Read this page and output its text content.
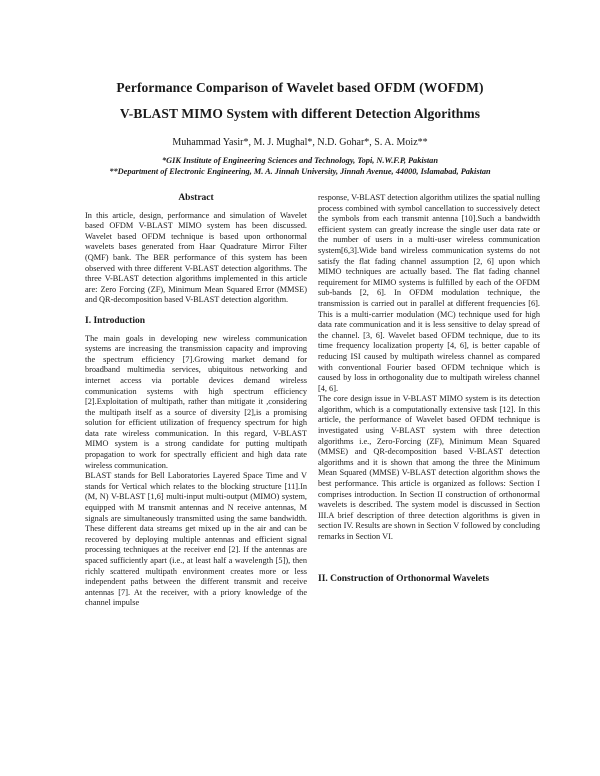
Performance Comparison of Wavelet based OFDM (WOFDM)
V-BLAST MIMO System with different Detection Algorithms
Muhammad Yasir*, M. J. Mughal*, N.D. Gohar*, S. A. Moiz**
*GIK Institute of Engineering Sciences and Technology, Topi, N.W.F.P, Pakistan
**Department of Electronic Engineering, M. A. Jinnah University, Jinnah Avenue, 44000, Islamabad, Pakistan
Abstract

In this article, design, performance and simulation of Wavelet based OFDM V-BLAST MIMO system has been discussed. Wavelet based OFDM technique is based upon orthonormal wavelets bases generated from Haar Quadrature Mirror Filter (QMF) bank. The BER performance of this system has been observed with three different V-BLAST detection algorithms. The three V-BLAST detection algorithms implemented in this article are: Zero Forcing (ZF), Minimum Mean Squared Error (MMSE) and QR-decomposition based V-BLAST detection algorithm.

I. Introduction

The main goals in developing new wireless communication systems are increasing the transmission capacity and improving the spectrum efficiency [7].Growing market demand for broadband multimedia services, ubiquitous networking and internet access via portable devices demand wireless communication systems with high spectrum efficiency [2].Exploitation of multipath, rather than mitigate it ,considering the multipath itself as a source of diversity [2],is a promising solution for efficient utilization of frequency spectrum for high data rate wireless communication. In this regard, V-BLAST MIMO system is a strong candidate for putting multipath propagation to work for spectrally efficient and high data rate wireless communication.

BLAST stands for Bell Laboratories Layered Space Time and V stands for Vertical which relates to the blocking structure [11].In (M, N) V-BLAST [1,6] multi-input multi-output (MIMO) system, equipped with M transmit antennas and N receive antennas, M signals are simultaneously transmitted using the same bandwidth. These different data streams get mixed up in the air and can be recovered by deploying multiple antennas and efficient signal processing techniques at the receiver end [2]. If the antennas are spaced sufficiently apart (i.e., at least half a wavelength [5]), then richly scattered multipath environment creates more or less independent paths between the different transmit and receive antennas [7]. At the receiver, with a priory knowledge of the channel impulse

response, V-BLAST detection algorithm utilizes the spatial nulling process combined with symbol cancellation to successively detect the symbols from each transmit antenna [10].Such a bandwidth efficient system can greatly increase the single user data rate or the number of users in a multi-user wireless communication system[6,3].Wide band wireless communication systems do not satisfy the flat fading channel assumption [2, 6] upon which MIMO techniques are actually based. The flat fading channel requirement for MIMO systems is fulfilled by each of the OFDM sub-bands [2, 6]. In OFDM modulation technique, the transmission is carried out in parallel at different frequencies [6]. This is a multi-carrier modulation (MC) technique used for high data rate communication and it is less sensitive to delay spread of the channel. [3, 6]. Wavelet based OFDM technique, due to its time frequency localization property [4, 6], is better capable of reducing ISI caused by multipath wireless channel as compared with conventional Fourier based OFDM technique which is caused by loss in orthogonality due to multipath wireless channel [4, 6].

The core design issue in V-BLAST MIMO system is its detection algorithm, which is a computationally extensive task [12]. In this article, the performance of Wavelet based OFDM technique is investigated using V-BLAST system with three detection algorithms i.e., Zero-Forcing (ZF), Minimum Mean Squared (MMSE) and QR-decomposition based V-BLAST detection algorithms and it is shown that among the three the Minimum Mean Squared (MMSE) V-BLAST detection algorithm shows the best performance. This article is organized as follows: Section I comprises introduction. In Section II construction of orthonormal wavelets is described. The system model is discussed in Section III.A brief description of three detection algorithms is given in section IV. Results are shown in Section V followed by concluding remarks in Section VI.

II. Construction of Orthonormal Wavelets
